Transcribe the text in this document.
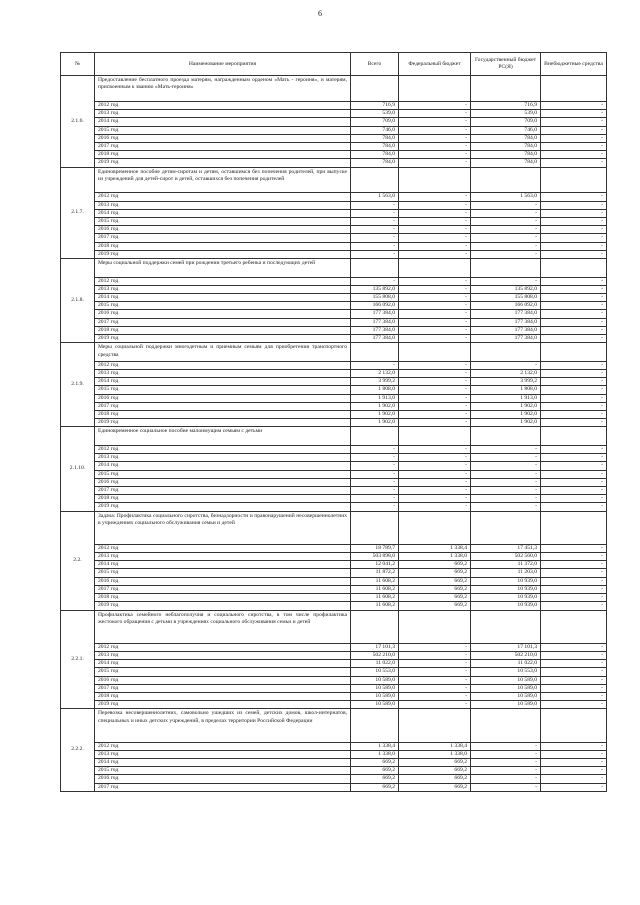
6
№	Наименование мероприятия	Всего	Федеральный бюджет	Государственный бюджет РС(Я)	Внебюджетные средства
2.1.6.	Предоставление бесплатного проезда матерям, награжденным орденом «Мать - героиня», и матерям, присвоенным к званию «Мать-героиня»				
	2012 год	716,9	-	716,9	-
	2013 год	539,0	-	539,0	-
	2014 год	709,0	-	709,0	-
	2015 год	746,0	-	746,0	-
	2016 год	784,0	-	784,0	-
	2017 год	784,0	-	784,0	-
	2018 год	784,0	-	784,0	-
	2019 год	784,0	-	784,0	-
2.1.7.	Единовременное пособие детям-сиротам и детям, оставшимся без попечения родителей, при выпуске из учреждений для детей-сирот и детей, оставшихся без попечения родителей				
	2012 год	1 563,0	-	1 563,0	-
	2013 год	-	-	-	-
	2014 год	-	-	-	-
	2015 год	-	-	-	-
	2016 год	-	-	-	-
	2017 год	-	-	-	-
	2018 год	-	-	-	-
	2019 год	-	-	-	-
2.1.8.	Меры социальной поддержки семей при рождении третьего ребенка и последующих детей				
	2012 год	-	-	-	-
	2013 год	135 892,0	-	135 892,0	-
	2014 год	155 808,0	-	155 808,0	-
	2015 год	166 092,0	-	166 092,0	-
	2016 год	177 384,0	-	177 384,0	-
	2017 год	177 384,0	-	177 384,0	-
	2018 год	177 384,0	-	177 384,0	-
	2019 год	177 384,0	-	177 384,0	-
2.1.9.	Меры социальной поддержки многодетным и приемным семьям для приобретения транспортного средства				
	2012 год	-	-	-	-
	2013 год	2 132,0	-	2 132,0	-
	2014 год	3 999,2	-	3 999,2	-
	2015 год	1 808,0	-	1 808,0	-
	2016 год	1 913,0	-	1 913,0	-
	2017 год	1 902,0	-	1 902,0	-
	2018 год	1 902,0	-	1 902,0	-
	2019 год	1 902,0	-	1 902,0	-
2.1.10.	Единовременное социальное пособие малоимущим семьям с детьми				
	2012 год	-	-	-	-
	2013 год	-	-	-	-
	2014 год	-	-	-	-
	2015 год	-	-	-	-
	2016 год	-	-	-	-
	2017 год	-	-	-	-
	2018 год	-	-	-	-
	2019 год	-	-	-	-
2.2.	Задача: Профилактика социального сиротства, безнадзорности и правонарушений несовершеннолетних в учреждениях социального обслуживания семьи и детей				
	2012 год	18 789,7	1 338,4	17 451,3	-
	2013 год	503 898,0	1 338,0	502 560,0	-
	2014 год	12 041,2	669,2	11 372,0	-
	2015 год	11 872,2	669,2	11 203,0	-
	2016 год	11 608,2	669,2	10 939,0	-
	2017 год	11 608,2	669,2	10 939,0	-
	2018 год	11 608,2	669,2	10 939,0	-
	2019 год	11 608,2	669,2	10 939,0	-
2.2.1.	Профилактика семейного неблагополучия и социального сиротства, в том числе профилактика жестокого обращения с детьми в учреждениях социального обслуживания семьи и детей				
	2012 год	17 101,3	-	17 101,3	-
	2013 год	502 210,0	-	502 210,0	-
	2014 год	11 022,0	-	11 022,0	-
	2015 год	10 553,0	-	10 553,0	-
	2016 год	10 589,0	-	10 589,0	-
	2017 год	10 589,0	-	10 589,0	-
	2018 год	10 589,0	-	10 589,0	-
	2019 год	10 589,0	-	10 589,0	-
2.2.2.	Перевозка несовершеннолетних, самовольно ушедших из семей, детских домов, школ-интернатов, специальных и иных детских учреждений, в пределах территории Российской Федерации				
	2012 год	1 338,4	1 338,4	-	-
	2013 год	1 338,0	1 338,0	-	-
	2014 год	669,2	669,2	-	-
	2015 год	669,2	669,2	-	-
	2016 год	669,2	669,2	-	-
	2017 год	669,2	669,2	-	-
